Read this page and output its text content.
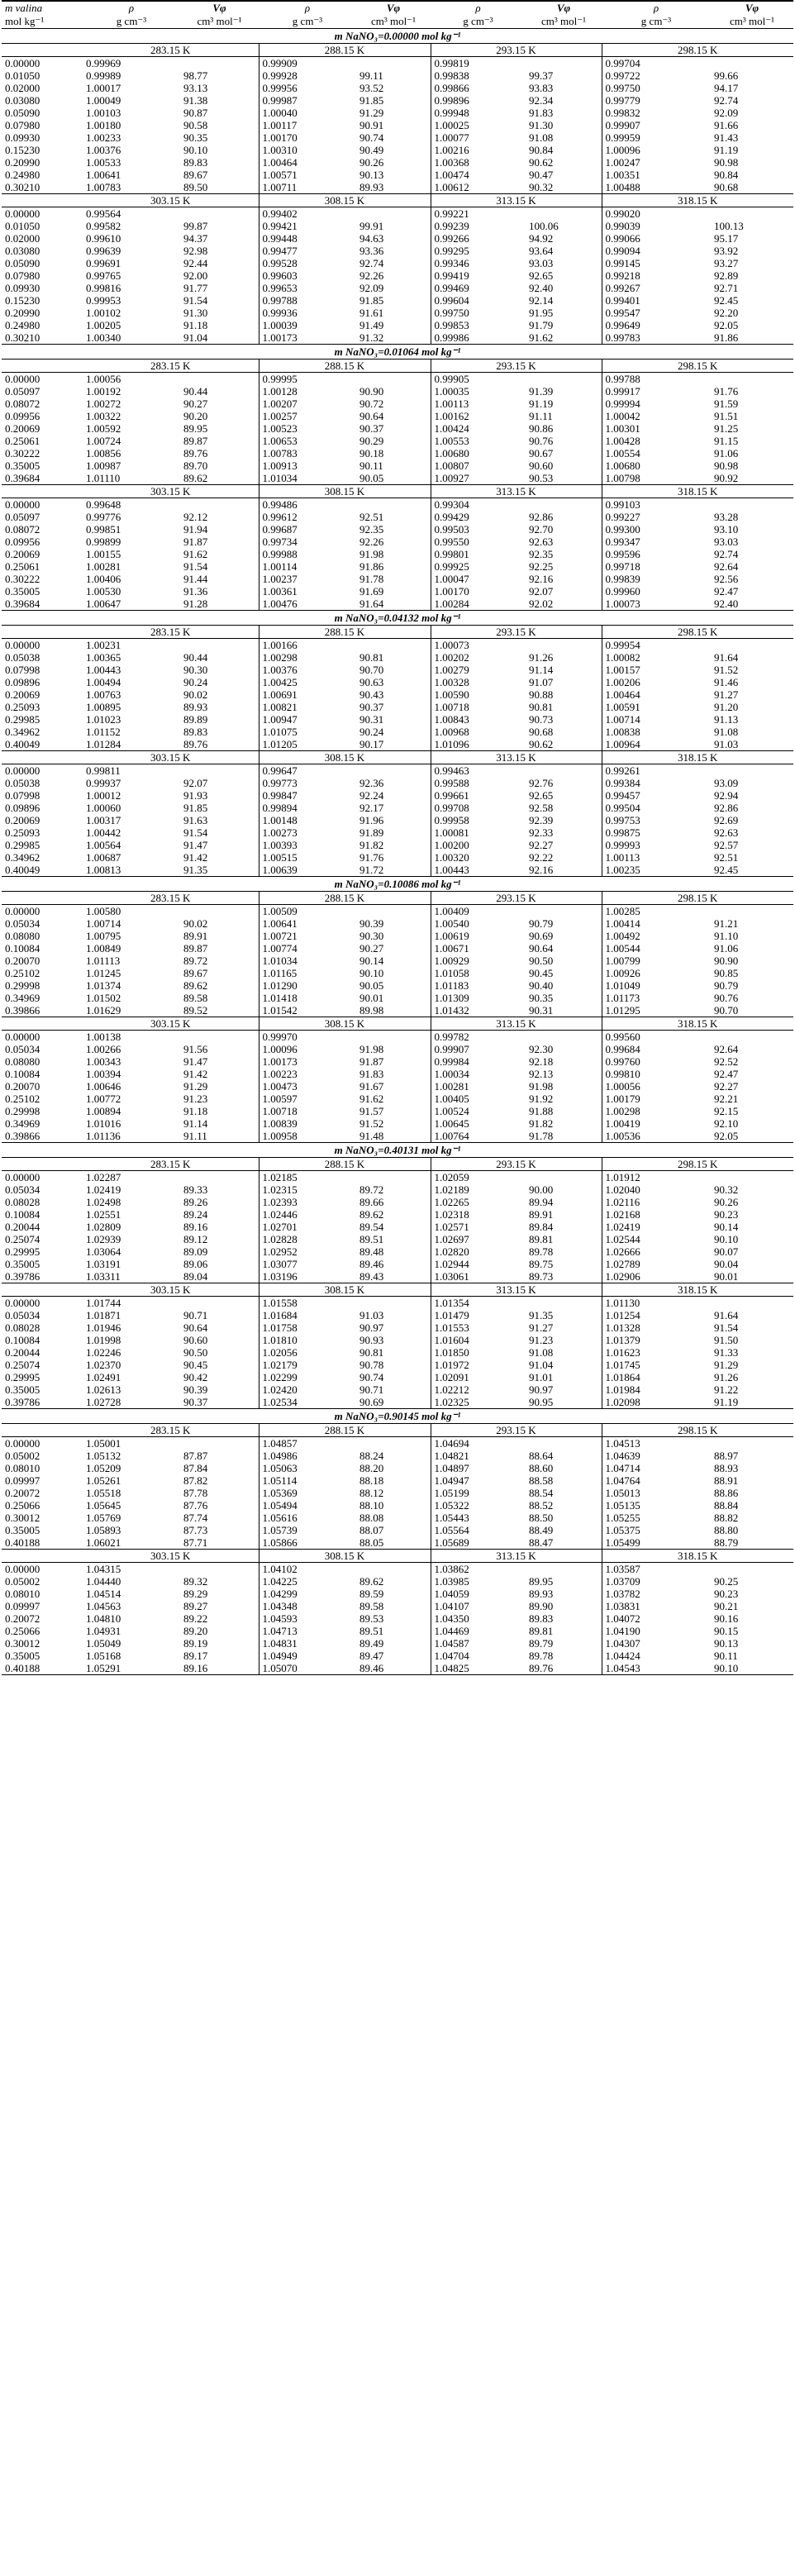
m valina	ρ	Vφ	ρ	Vφ	ρ	Vφ	ρ	Vφ
mol kg⁻¹	g cm⁻³	cm³ mol⁻¹	g cm⁻³	cm³ mol⁻¹	g cm⁻³	cm³ mol⁻¹	g cm⁻³	cm³ mol⁻¹
m NaNO₃=0.00000 mol kg⁻¹								
	283.15 K		288.15 K		293.15 K		298.15 K	
0.00000	0.99969		0.99909		0.99819		0.99704	
0.01050	0.99989	98.77	0.99928	99.11	0.99838	99.37	0.99722	99.66
0.02000	1.00017	93.13	0.99956	93.52	0.99866	93.83	0.99750	94.17
0.03080	1.00049	91.38	0.99987	91.85	0.99896	92.34	0.99779	92.74
0.05090	1.00103	90.87	1.00040	91.29	0.99948	91.83	0.99832	92.09
0.07980	1.00180	90.58	1.00117	90.91	1.00025	91.30	0.99907	91.66
0.09930	1.00233	90.35	1.00170	90.74	1.00077	91.08	0.99959	91.43
0.15230	1.00376	90.10	1.00310	90.49	1.00216	90.84	1.00096	91.19
0.20990	1.00533	89.83	1.00464	90.26	1.00368	90.62	1.00247	90.98
0.24980	1.00641	89.67	1.00571	90.13	1.00474	90.47	1.00351	90.84
0.30210	1.00783	89.50	1.00711	89.93	1.00612	90.32	1.00488	90.68
	303.15 K		308.15 K		313.15 K		318.15 K	
0.00000	0.99564		0.99402		0.99221		0.99020	
0.01050	0.99582	99.87	0.99421	99.91	0.99239	100.06	0.99039	100.13
0.02000	0.99610	94.37	0.99448	94.63	0.99266	94.92	0.99066	95.17
0.03080	0.99639	92.98	0.99477	93.36	0.99295	93.64	0.99094	93.92
0.05090	0.99691	92.44	0.99528	92.74	0.99346	93.03	0.99145	93.27
0.07980	0.99765	92.00	0.99603	92.26	0.99419	92.65	0.99218	92.89
0.09930	0.99816	91.77	0.99653	92.09	0.99469	92.40	0.99267	92.71
0.15230	0.99953	91.54	0.99788	91.85	0.99604	92.14	0.99401	92.45
0.20990	1.00102	91.30	0.99936	91.61	0.99750	91.95	0.99547	92.20
0.24980	1.00205	91.18	1.00039	91.49	0.99853	91.79	0.99649	92.05
0.30210	1.00340	91.04	1.00173	91.32	0.99986	91.62	0.99783	91.86
m NaNO₃=0.01064 mol kg⁻¹								
	283.15 K		288.15 K		293.15 K		298.15 K	
0.00000	1.00056		0.99995		0.99905		0.99788	
0.05097	1.00192	90.44	1.00128	90.90	1.00035	91.39	0.99917	91.76
0.08072	1.00272	90.27	1.00207	90.72	1.00113	91.19	0.99994	91.59
0.09956	1.00322	90.20	1.00257	90.64	1.00162	91.11	1.00042	91.51
0.20069	1.00592	89.95	1.00523	90.37	1.00424	90.86	1.00301	91.25
0.25061	1.00724	89.87	1.00653	90.29	1.00553	90.76	1.00428	91.15
0.30222	1.00856	89.76	1.00783	90.18	1.00680	90.67	1.00554	91.06
0.35005	1.00987	89.70	1.00913	90.11	1.00807	90.60	1.00680	90.98
0.39684	1.01110	89.62	1.01034	90.05	1.00927	90.53	1.00798	90.92
	303.15 K		308.15 K		313.15 K		318.15 K	
0.00000	0.99648		0.99486		0.99304		0.99103	
0.05097	0.99776	92.12	0.99612	92.51	0.99429	92.86	0.99227	93.28
0.08072	0.99851	91.94	0.99687	92.35	0.99503	92.70	0.99300	93.10
0.09956	0.99899	91.87	0.99734	92.26	0.99550	92.63	0.99347	93.03
0.20069	1.00155	91.62	0.99988	91.98	0.99801	92.35	0.99596	92.74
0.25061	1.00281	91.54	1.00114	91.86	0.99925	92.25	0.99718	92.64
0.30222	1.00406	91.44	1.00237	91.78	1.00047	92.16	0.99839	92.56
0.35005	1.00530	91.36	1.00361	91.69	1.00170	92.07	0.99960	92.47
0.39684	1.00647	91.28	1.00476	91.64	1.00284	92.02	1.00073	92.40
m NaNO₃=0.04132 mol kg⁻¹								
	283.15 K		288.15 K		293.15 K		298.15 K	
0.00000	1.00231		1.00166		1.00073		0.99954	
0.05038	1.00365	90.44	1.00298	90.81	1.00202	91.26	1.00082	91.64
0.07998	1.00443	90.30	1.00376	90.70	1.00279	91.14	1.00157	91.52
0.09896	1.00494	90.24	1.00425	90.63	1.00328	91.07	1.00206	91.46
0.20069	1.00763	90.02	1.00691	90.43	1.00590	90.88	1.00464	91.27
0.25093	1.00895	89.93	1.00821	90.37	1.00718	90.81	1.00591	91.20
0.29985	1.01023	89.89	1.00947	90.31	1.00843	90.73	1.00714	91.13
0.34962	1.01152	89.83	1.01075	90.24	1.00968	90.68	1.00838	91.08
0.40049	1.01284	89.76	1.01205	90.17	1.01096	90.62	1.00964	91.03
	303.15 K		308.15 K		313.15 K		318.15 K	
0.00000	0.99811		0.99647		0.99463		0.99261	
0.05038	0.99937	92.07	0.99773	92.36	0.99588	92.76	0.99384	93.09
0.07998	1.00012	91.93	0.99847	92.24	0.99661	92.65	0.99457	92.94
0.09896	1.00060	91.85	0.99894	92.17	0.99708	92.58	0.99504	92.86
0.20069	1.00317	91.63	1.00148	91.96	0.99958	92.39	0.99753	92.69
0.25093	1.00442	91.54	1.00273	91.89	1.00081	92.33	0.99875	92.63
0.29985	1.00564	91.47	1.00393	91.82	1.00200	92.27	0.99993	92.57
0.34962	1.00687	91.42	1.00515	91.76	1.00320	92.22	1.00113	92.51
0.40049	1.00813	91.35	1.00639	91.72	1.00443	92.16	1.00235	92.45
m NaNO₃=0.10086 mol kg⁻¹								
	283.15 K		288.15 K		293.15 K		298.15 K	
0.00000	1.00580		1.00509		1.00409		1.00285	
0.05034	1.00714	90.02	1.00641	90.39	1.00540	90.79	1.00414	91.21
0.08080	1.00795	89.91	1.00721	90.30	1.00619	90.69	1.00492	91.10
0.10084	1.00849	89.87	1.00774	90.27	1.00671	90.64	1.00544	91.06
0.20070	1.01113	89.72	1.01034	90.14	1.00929	90.50	1.00799	90.90
0.25102	1.01245	89.67	1.01165	90.10	1.01058	90.45	1.00926	90.85
0.29998	1.01374	89.62	1.01290	90.05	1.01183	90.40	1.01049	90.79
0.34969	1.01502	89.58	1.01418	90.01	1.01309	90.35	1.01173	90.76
0.39866	1.01629	89.52	1.01542	89.98	1.01432	90.31	1.01295	90.70
	303.15 K		308.15 K		313.15 K		318.15 K	
0.00000	1.00138		0.99970		0.99782		0.99560	
0.05034	1.00266	91.56	1.00096	91.98	0.99907	92.30	0.99684	92.64
0.08080	1.00343	91.47	1.00173	91.87	0.99984	92.18	0.99760	92.52
0.10084	1.00394	91.42	1.00223	91.83	1.00034	92.13	0.99810	92.47
0.20070	1.00646	91.29	1.00473	91.67	1.00281	91.98	1.00056	92.27
0.25102	1.00772	91.23	1.00597	91.62	1.00405	91.92	1.00179	92.21
0.29998	1.00894	91.18	1.00718	91.57	1.00524	91.88	1.00298	92.15
0.34969	1.01016	91.14	1.00839	91.52	1.00645	91.82	1.00419	92.10
0.39866	1.01136	91.11	1.00958	91.48	1.00764	91.78	1.00536	92.05
m NaNO₃=0.40131 mol kg⁻¹								
	283.15 K		288.15 K		293.15 K		298.15 K	
0.00000	1.02287		1.02185		1.02059		1.01912	
0.05034	1.02419	89.33	1.02315	89.72	1.02189	90.00	1.02040	90.32
0.08028	1.02498	89.26	1.02393	89.66	1.02265	89.94	1.02116	90.26
0.10084	1.02551	89.24	1.02446	89.62	1.02318	89.91	1.02168	90.23
0.20044	1.02809	89.16	1.02701	89.54	1.02571	89.84	1.02419	90.14
0.25074	1.02939	89.12	1.02828	89.51	1.02697	89.81	1.02544	90.10
0.29995	1.03064	89.09	1.02952	89.48	1.02820	89.78	1.02666	90.07
0.35005	1.03191	89.06	1.03077	89.46	1.02944	89.75	1.02789	90.04
0.39786	1.03311	89.04	1.03196	89.43	1.03061	89.73	1.02906	90.01
	303.15 K		308.15 K		313.15 K		318.15 K	
0.00000	1.01744		1.01558		1.01354		1.01130	
0.05034	1.01871	90.71	1.01684	91.03	1.01479	91.35	1.01254	91.64
0.08028	1.01946	90.64	1.01758	90.97	1.01553	91.27	1.01328	91.54
0.10084	1.01998	90.60	1.01810	90.93	1.01604	91.23	1.01379	91.50
0.20044	1.02246	90.50	1.02056	90.81	1.01850	91.08	1.01623	91.33
0.25074	1.02370	90.45	1.02179	90.78	1.01972	91.04	1.01745	91.29
0.29995	1.02491	90.42	1.02299	90.74	1.02091	91.01	1.01864	91.26
0.35005	1.02613	90.39	1.02420	90.71	1.02212	90.97	1.01984	91.22
0.39786	1.02728	90.37	1.02534	90.69	1.02325	90.95	1.02098	91.19
m NaNO₃=0.90145 mol kg⁻¹								
	283.15 K		288.15 K		293.15 K		298.15 K	
0.00000	1.05001		1.04857		1.04694		1.04513	
0.05002	1.05132	87.87	1.04986	88.24	1.04821	88.64	1.04639	88.97
0.08010	1.05209	87.84	1.05063	88.20	1.04897	88.60	1.04714	88.93
0.09997	1.05261	87.82	1.05114	88.18	1.04947	88.58	1.04764	88.91
0.20072	1.05518	87.78	1.05369	88.12	1.05199	88.54	1.05013	88.86
0.25066	1.05645	87.76	1.05494	88.10	1.05322	88.52	1.05135	88.84
0.30012	1.05769	87.74	1.05616	88.08	1.05443	88.50	1.05255	88.82
0.35005	1.05893	87.73	1.05739	88.07	1.05564	88.49	1.05375	88.80
0.40188	1.06021	87.71	1.05866	88.05	1.05689	88.47	1.05499	88.79
	303.15 K		308.15 K		313.15 K		318.15 K	
0.00000	1.04315		1.04102		1.03862		1.03587	
0.05002	1.04440	89.32	1.04225	89.62	1.03985	89.95	1.03709	90.25
0.08010	1.04514	89.29	1.04299	89.59	1.04059	89.93	1.03782	90.23
0.09997	1.04563	89.27	1.04348	89.58	1.04107	89.90	1.03831	90.21
0.20072	1.04810	89.22	1.04593	89.53	1.04350	89.83	1.04072	90.16
0.25066	1.04931	89.20	1.04713	89.51	1.04469	89.81	1.04190	90.15
0.30012	1.05049	89.19	1.04831	89.49	1.04587	89.79	1.04307	90.13
0.35005	1.05168	89.17	1.04949	89.47	1.04704	89.78	1.04424	90.11
0.40188	1.05291	89.16	1.05070	89.46	1.04825	89.76	1.04543	90.10
